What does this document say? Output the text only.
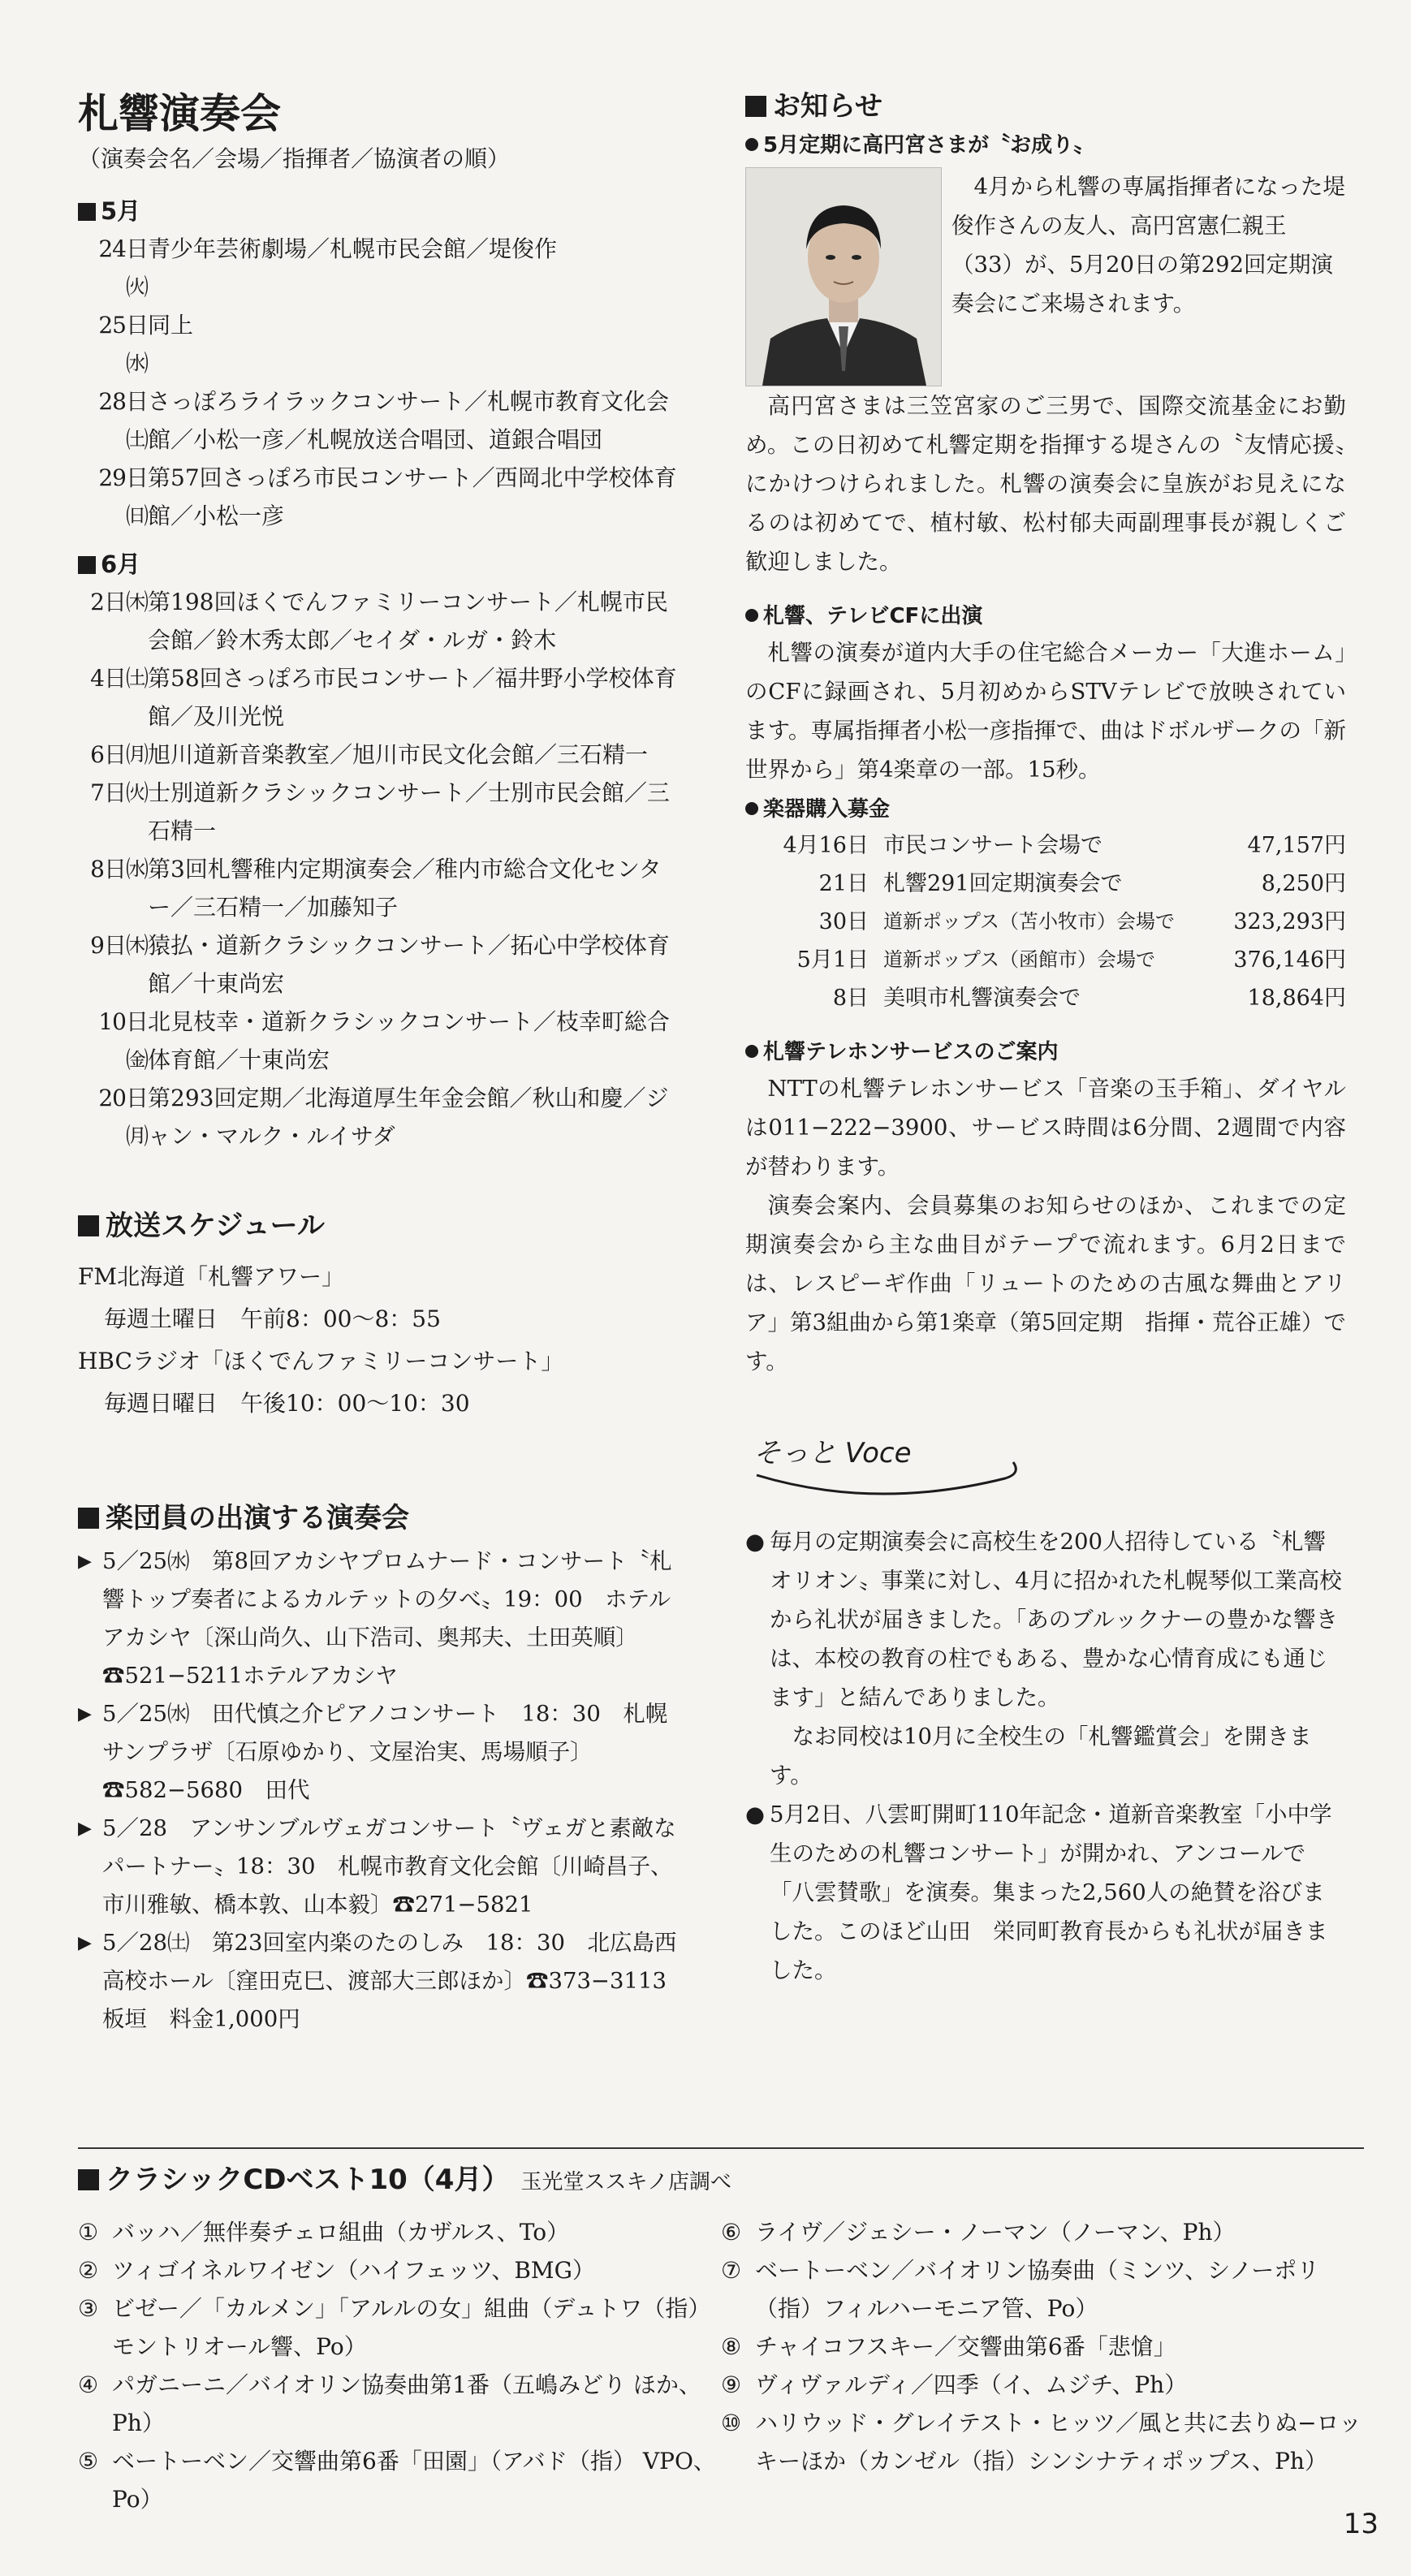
札響演奏会
（演奏会名／会場／指揮者／協演者の順）
5月
24日㈫
青少年芸術劇場／札幌市民会館／堤俊作
25日㈬
同上
28日㈯
さっぽろライラックコンサート／札幌市教育文化会館／小松一彦／札幌放送合唱団、道銀合唱団
29日㈰
第57回さっぽろ市民コンサート／西岡北中学校体育館／小松一彦
6月
2日㈭ 第198回ほくでんファミリーコンサート／札幌市民会館／鈴木秀太郎／セイダ・ルガ・鈴木
4日㈯ 第58回さっぽろ市民コンサート／福井野小学校体育館／及川光悦
6日㈪ 旭川道新音楽教室／旭川市民文化会館／三石精一
7日㈫ 士別道新クラシックコンサート／士別市民会館／三石精一
8日㈬ 第3回札響稚内定期演奏会／稚内市総合文化センター／三石精一／加藤知子
9日㈭ 猿払・道新クラシックコンサート／拓心中学校体育館／十東尚宏
10日㈮
北見枝幸・道新クラシックコンサート／枝幸町総合体育館／十東尚宏
20日㈪
第293回定期／北海道厚生年金会館／秋山和慶／ジャン・マルク・ルイサダ
放送スケジュール
FM北海道「札響アワー」
毎週土曜日　午前8：00〜8：55
HBCラジオ「ほくでんファミリーコンサート」
毎週日曜日　午後10：00〜10：30
楽団員の出演する演奏会
▶ 5／25㈬　第8回アカシヤプロムナード・コンサート〝札響トップ奏者によるカルテットの夕べ〟19：00　ホテルアカシヤ〔深山尚久、山下浩司、奥邦夫、土田英順〕☎521−5211ホテルアカシヤ
▶ 5／25㈬　田代慎之介ピアノコンサート　18：30　札幌サンプラザ〔石原ゆかり、文屋治実、馬場順子〕　☎582−5680　田代
▶ 5／28　アンサンブルヴェガコンサート〝ヴェガと素敵なパートナー〟18：30　札幌市教育文化会館〔川崎昌子、市川雅敏、橋本敦、山本毅〕☎271−5821
▶ 5／28㈯　第23回室内楽のたのしみ　18：30　北広島西高校ホール〔窪田克巳、渡部大三郎ほか〕☎373−3113　板垣　料金1,000円
お知らせ
5月定期に高円宮さまが〝お成り〟
4月から札響の専属指揮者になった堤　俊作さんの友人、高円宮憲仁親王（33）が、5月20日の第292回定期演奏会にご来場されます。

高円宮さまは三笠宮家のご三男で、国際交流基金にお勤め。この日初めて札響定期を指揮する堤さんの〝友情応援〟にかけつけられました。札響の演奏会に皇族がお見えになるのは初めてで、植村敏、松村郁夫両副理事長が親しくご歓迎しました。

札響、テレビCFに出演

札響の演奏が道内大手の住宅総合メーカー「大進ホーム」のCFに録画され、5月初めからSTVテレビで放映されています。専属指揮者小松一彦指揮で、曲はドボルザークの「新世界から」第4楽章の一部。15秒。

楽器購入募金
4月16日 市民コンサート会場で	47,157円
21日 札響291回定期演奏会で	8,250円
30日 道新ポップス（苫小牧市）会場で	323,293円
5月1日 道新ポップス（函館市）会場で	376,146円
8日 美唄市札響演奏会で	18,864円
札響テレホンサービスのご案内

NTTの札響テレホンサービス「音楽の玉手箱」、ダイヤルは011−222−3900、サービス時間は6分間、2週間で内容が替わります。

演奏会案内、会員募集のお知らせのほか、これまでの定期演奏会から主な曲目がテープで流れます。6月2日までは、レスピーギ作曲「リュートのための古風な舞曲とアリア」第3組曲から第1楽章（第5回定期　指揮・荒谷正雄）です。

そっと Voce
● 毎月の定期演奏会に高校生を200人招待している〝札響オリオン〟事業に対し、4月に招かれた札幌琴似工業高校から礼状が届きました。「あのブルックナーの豊かな響きは、本校の教育の柱でもある、豊かな心情育成にも通じます」と結んでありました。
なお同校は10月に全校生の「札響鑑賞会」を開きます。
● 5月2日、八雲町開町110年記念・道新音楽教室「小中学生のための札響コンサート」が開かれ、アンコールで「八雲賛歌」を演奏。集まった2,560人の絶賛を浴びました。このほど山田　栄同町教育長からも礼状が届きました。
クラシックCDベスト10（4月） 玉光堂ススキノ店調べ
① バッハ／無伴奏チェロ組曲（カザルス、To）
② ツィゴイネルワイゼン（ハイフェッツ、BMG）
③ ビゼー／「カルメン」「アルルの女」組曲（デュトワ（指）モントリオール響、Po）
④ パガニーニ／バイオリン協奏曲第1番（五嶋みどり ほか、Ph）
⑤ ベートーベン／交響曲第6番「田園」（アバド（指） VPO、Po）
⑥ ライヴ／ジェシー・ノーマン（ノーマン、Ph）
⑦ ベートーベン／バイオリン協奏曲（ミンツ、シノーポリ（指）フィルハーモニア管、Po）
⑧ チャイコフスキー／交響曲第6番「悲愴」
⑨ ヴィヴァルディ／四季（イ、ムジチ、Ph）
⑩ ハリウッド・グレイテスト・ヒッツ／風と共に去りぬ−ロッキーほか（カンゼル（指）シンシナティポップス、Ph）
13
